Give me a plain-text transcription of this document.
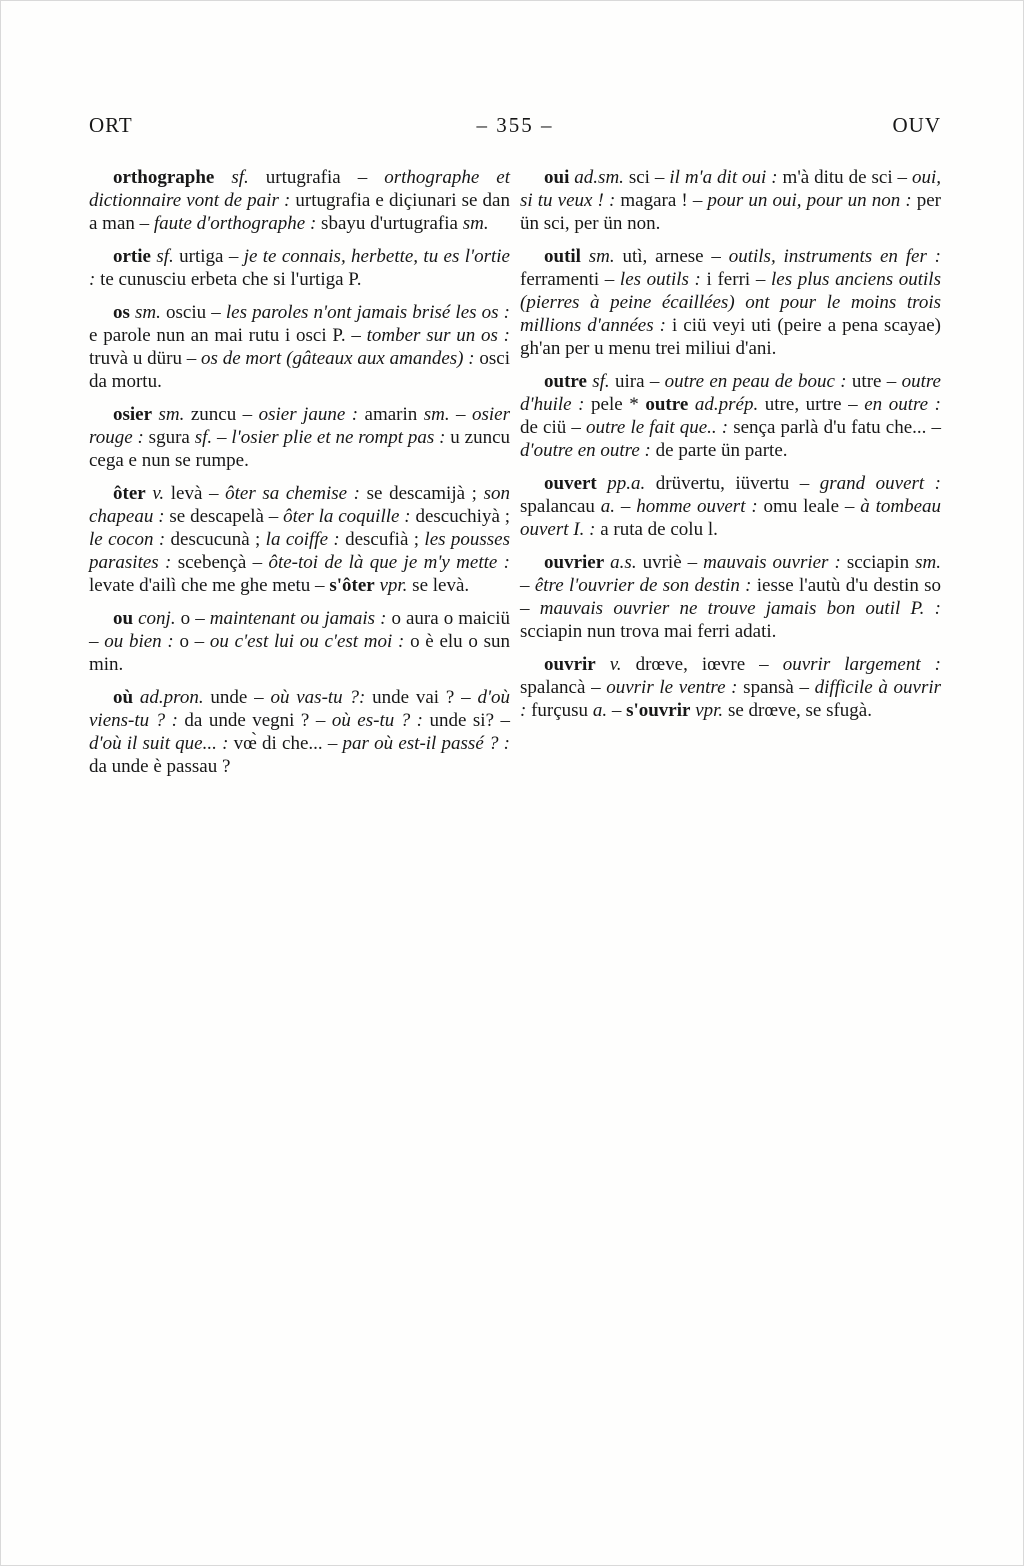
ORT	– 355 –	OUV

orthographe sf. urtugrafia – orthographe et dictionnaire vont de pair : urtugrafia e diçiunari se dan a man – faute d'orthographe : sbayu d'urtugrafia sm.

ortie sf. urtiga – je te connais, herbette, tu es l'ortie : te cunusciu erbeta che si l'urtiga P.

os sm. osciu – les paroles n'ont jamais brisé les os : e parole nun an mai rutu i osci P. – tomber sur un os : truvà u düru – os de mort (gâteaux aux amandes) : osci da mortu.

osier sm. zuncu – osier jaune : amarin sm. – osier rouge : sgura sf. – l'osier plie et ne rompt pas : u zuncu cega e nun se rumpe.

ôter v. levà – ôter sa chemise : se descamijà ; son chapeau : se descapelà – ôter la coquille : descuchiyà ; le cocon : descucunà ; la coiffe : descufià ; les pousses parasites : scebençà – ôte-toi de là que je m'y mette : levate d'ailì che me ghe metu – s'ôter vpr. se levà.

ou conj. o – maintenant ou jamais : o aura o maiciü – ou bien : o – ou c'est lui ou c'est moi : o è elu o sun min.

où ad.pron. unde – où vas-tu ?: unde vai ? – d'où viens-tu ? : da unde vegni ? – où es-tu ? : unde si? – d'où il suit que... : vœ̀ di che... – par où est-il passé ? : da unde è passau ?

oui ad.sm. sci – il m'a dit oui : m'à ditu de sci – oui, si tu veux ! : magara ! – pour un oui, pour un non : per ün sci, per ün non.

outil sm. utì, arnese – outils, instruments en fer : ferramenti – les outils : i ferri – les plus anciens outils (pierres à peine écaillées) ont pour le moins trois millions d'années : i ciü veyi uti (peire a pena scayae) gh'an per u menu trei miliui d'ani.

outre sf. uira – outre en peau de bouc : utre – outre d'huile : pele * outre ad.prép. utre, urtre – en outre : de ciü – outre le fait que.. : sença parlà d'u fatu che... – d'outre en outre : de parte ün parte.

ouvert pp.a. drüvertu, iüvertu – grand ouvert : spalancau a. – homme ouvert : omu leale – à tombeau ouvert I. : a ruta de colu l.

ouvrier a.s. uvriè – mauvais ouvrier : scciapin sm. – être l'ouvrier de son destin : iesse l'autù d'u destin so – mauvais ouvrier ne trouve jamais bon outil P. : scciapin nun trova mai ferri adati.

ouvrir v. drœve, iœvre – ouvrir largement : spalancà – ouvrir le ventre : spansà – difficile à ouvrir : furçusu a. – s'ouvrir vpr. se drœve, se sfugà.
